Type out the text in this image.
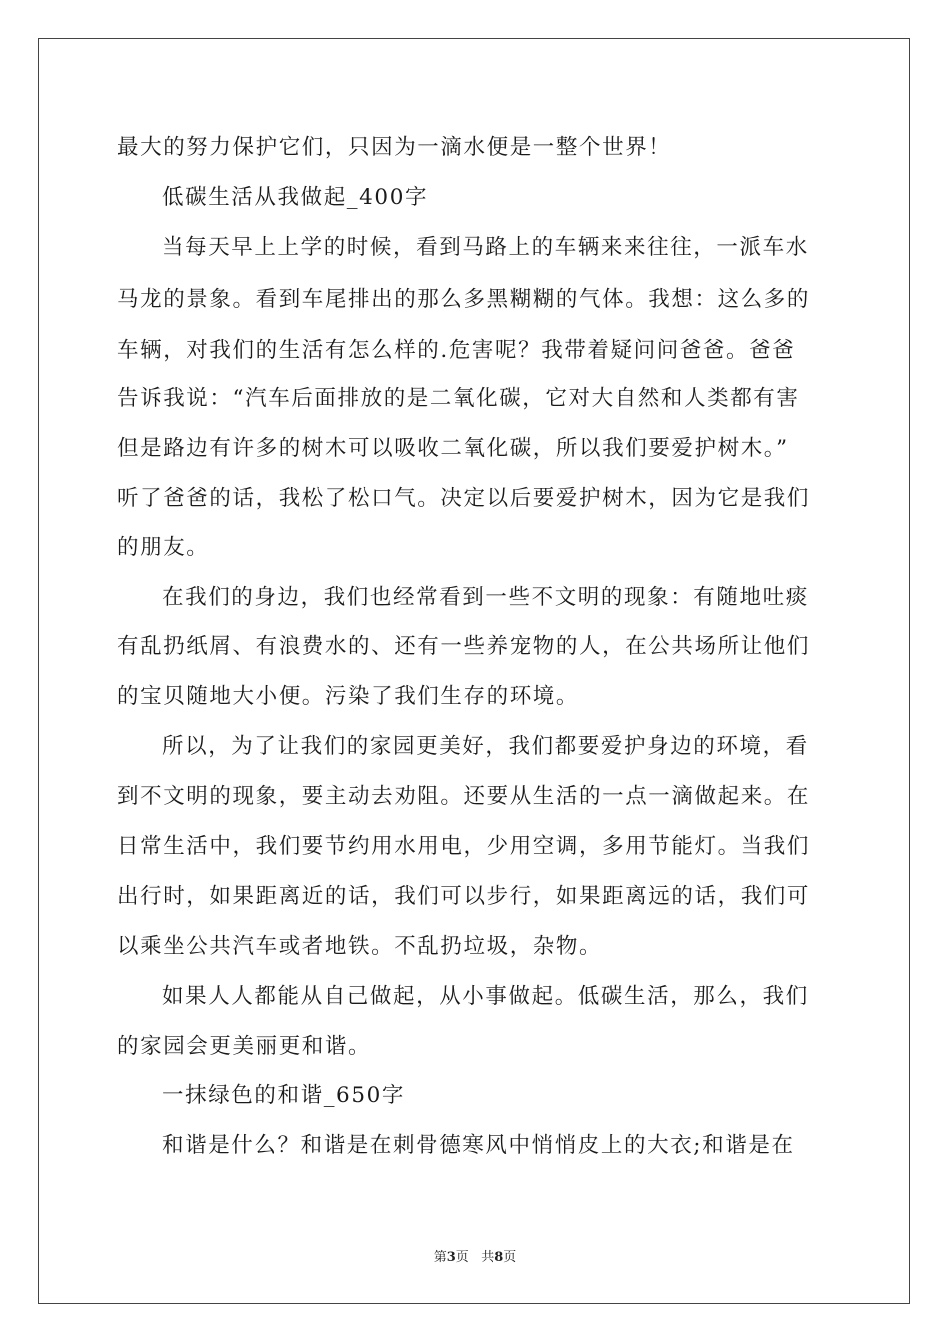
最大的努力保护它们，只因为一滴水便是一整个世界！
低碳生活从我做起_400字
当每天早上上学的时候，看到马路上的车辆来来往往，一派车水
马龙的景象。看到车尾排出的那么多黑糊糊的气体。我想：这么多的
车辆，对我们的生活有怎么样的.危害呢？我带着疑问问爸爸。爸爸
告诉我说：“汽车后面排放的是二氧化碳，它对大自然和人类都有害
但是路边有许多的树木可以吸收二氧化碳，所以我们要爱护树木。”
听了爸爸的话，我松了松口气。决定以后要爱护树木，因为它是我们
的朋友。
在我们的身边，我们也经常看到一些不文明的现象：有随地吐痰
有乱扔纸屑、有浪费水的、还有一些养宠物的人，在公共场所让他们
的宝贝随地大小便。污染了我们生存的环境。
所以，为了让我们的家园更美好，我们都要爱护身边的环境，看
到不文明的现象，要主动去劝阻。还要从生活的一点一滴做起来。在
日常生活中，我们要节约用水用电，少用空调，多用节能灯。当我们
出行时，如果距离近的话，我们可以步行，如果距离远的话，我们可
以乘坐公共汽车或者地铁。不乱扔垃圾，杂物。
如果人人都能从自己做起，从小事做起。低碳生活，那么，我们
的家园会更美丽更和谐。
一抹绿色的和谐_650字
和谐是什么？和谐是在刺骨德寒风中悄悄皮上的大衣;和谐是在
第3页 共8页
